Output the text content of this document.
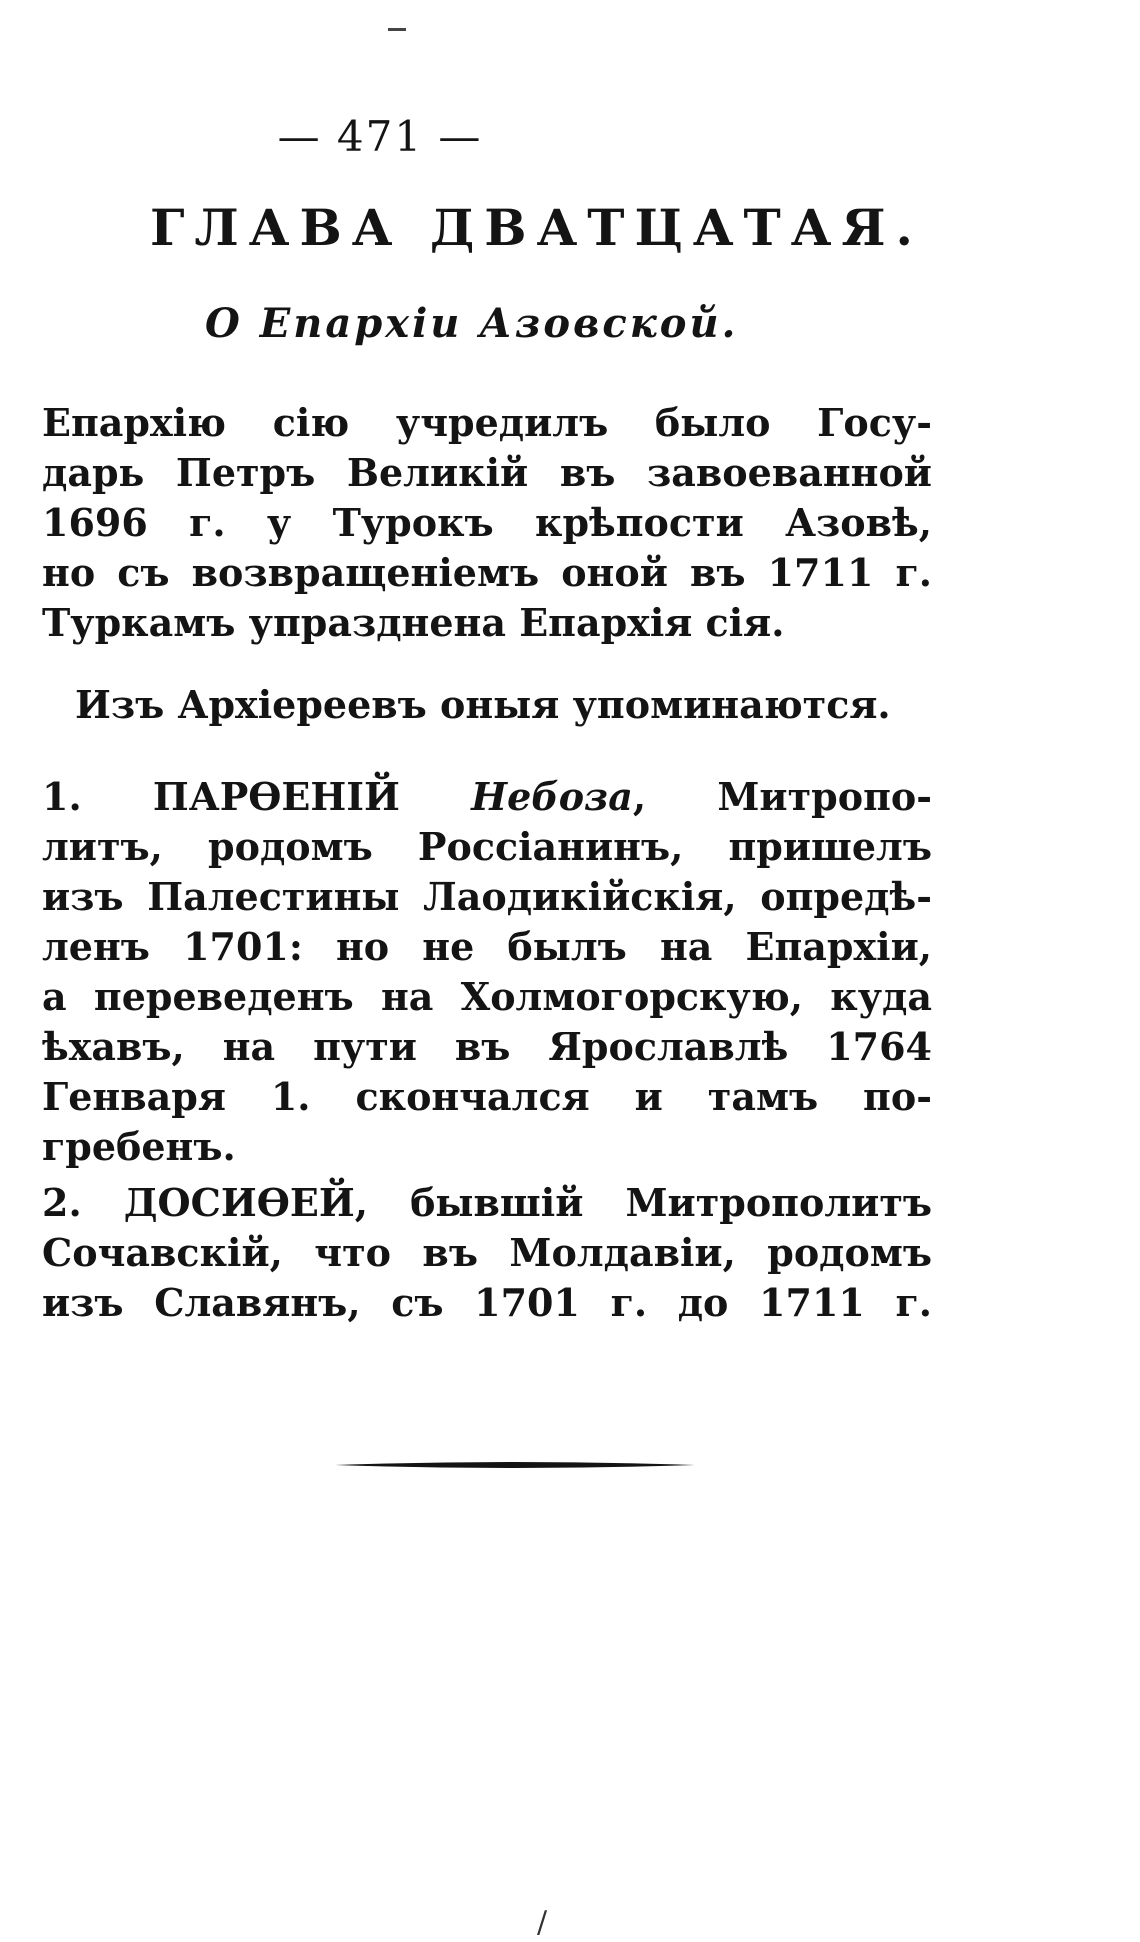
— 471 —
ГЛАВА ДВАТЦАТАЯ.
О Епархіи Азовской.
Епархію сію учредилъ было Госу-
дарь Петръ Великій въ завоеванной
1696 г. у Турокъ крѣпости Азовѣ,
но съ возвращеніемъ оной въ 1711 г.
Туркамъ упразднена Епархія сія.
Изъ Архіереевъ оныя упоминаются.
1. ПАРѲЕНІЙ Небоза, Митропо-
литъ, родомъ Россіанинъ, пришелъ
изъ Палестины Лаодикійскія, опредѣ-
ленъ 1701: но не былъ на Епархіи,
а переведенъ на Холмогорскую, куда
ѣхавъ, на пути въ Ярославлѣ 1764
Генваря 1. скончался и тамъ по-
гребенъ.
2. ДОСИѲЕЙ, бывшій Митрополитъ
Сочавскій, что въ Молдавіи, родомъ
изъ Славянъ, съ 1701 г. до 1711 г.
/
